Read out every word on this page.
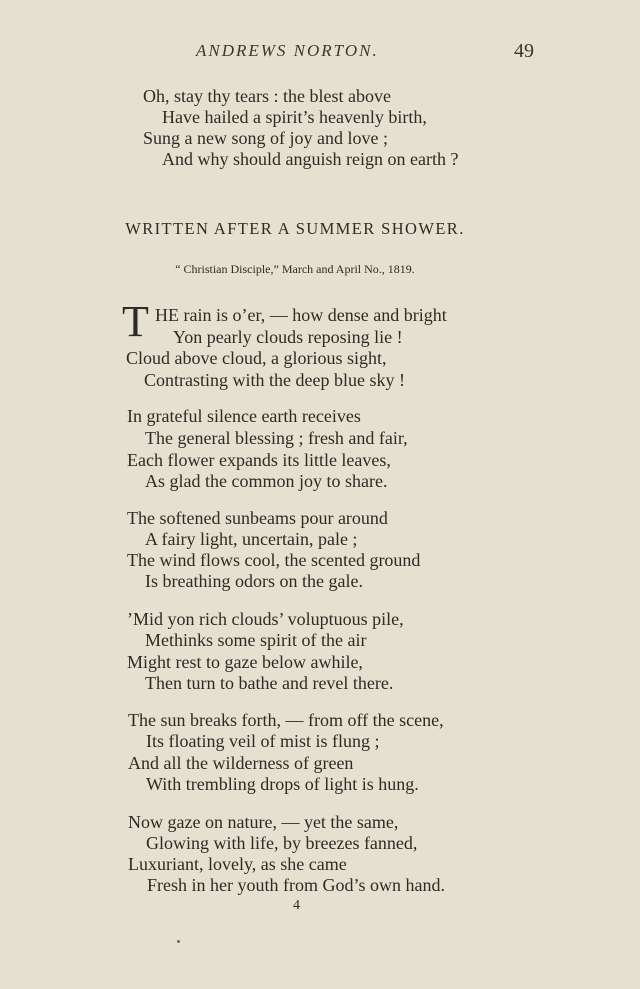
ANDREWS NORTON.	49
Oh, stay thy tears : the blest above
Have hailed a spirit’s heavenly birth,
Sung a new song of joy and love ;
And why should anguish reign on earth ?
WRITTEN AFTER A SUMMER SHOWER.
“ Christian Disciple,” March and April No., 1819.
T HE rain is o’er, — how dense and bright
Yon pearly clouds reposing lie !
Cloud above cloud, a glorious sight,
Contrasting with the deep blue sky !
In grateful silence earth receives
The general blessing ; fresh and fair,
Each flower expands its little leaves,
As glad the common joy to share.
The softened sunbeams pour around
A fairy light, uncertain, pale ;
The wind flows cool, the scented ground
Is breathing odors on the gale.
’Mid yon rich clouds’ voluptuous pile,
Methinks some spirit of the air
Might rest to gaze below awhile,
Then turn to bathe and revel there.
The sun breaks forth, — from off the scene,
Its floating veil of mist is flung ;
And all the wilderness of green
With trembling drops of light is hung.
Now gaze on nature, — yet the same,
Glowing with life, by breezes fanned,
Luxuriant, lovely, as she came
Fresh in her youth from God’s own hand.
4
